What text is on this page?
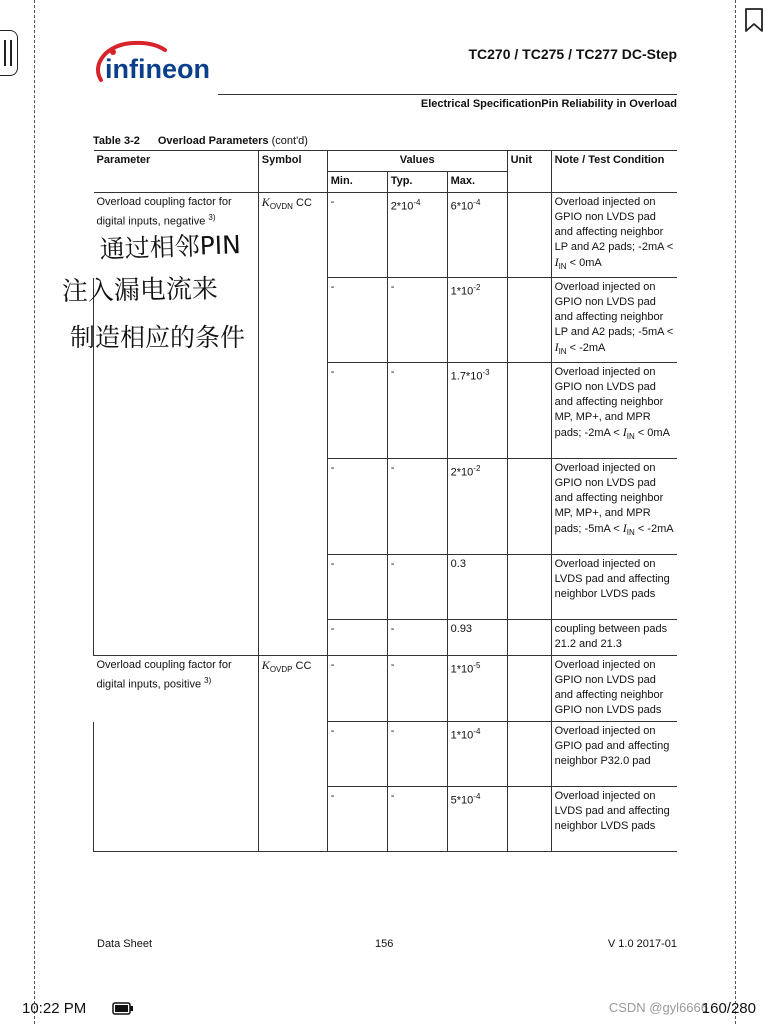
infineon	TC270 / TC275 / TC277 DC-Step
Electrical SpecificationPin Reliability in Overload
Table 3-2 Overload Parameters (cont'd)
Parameter	Symbol	Values			Unit	Note / Test Condition
		Min.	Typ.	Max.		
Overload coupling factor for digital inputs, negative $^{3)}$	$K_{OVDN}$ CC	-	$2*10^{-4}$	$6*10^{-4}$		Overload injected on GPIO non LVDS pad and affecting neighbor LP and A2 pads; $-2mA < I_{IN} < 0mA$
		-	-	$1*10^{-2}$		Overload injected on GPIO non LVDS pad and affecting neighbor LP and A2 pads; $-5mA < I_{IN} < -2mA$
		-	-	$1.7*10^{-3}$		Overload injected on GPIO non LVDS pad and affecting neighbor MP, MP+, and MPR pads; $-2mA < I_{IN} < 0mA$
		-	-	$2*10^{-2}$		Overload injected on GPIO non LVDS pad and affecting neighbor MP, MP+, and MPR pads; $-5mA < I_{IN} < -2mA$
		-	-	0.3		Overload injected on LVDS pad and affecting neighbor LVDS pads
		-	-	0.93		coupling between pads 21.2 and 21.3
Overload coupling factor for digital inputs, positive $^{3)}$	$K_{OVDP}$ CC	-	-	$1*10^{-5}$		Overload injected on GPIO non LVDS pad and affecting neighbor GPIO non LVDS pads
		-	-	$1*10^{-4}$		Overload injected on GPIO pad and affecting neighbor P32.0 pad
		-	-	$5*10^{-4}$		Overload injected on LVDS pad and affecting neighbor LVDS pads
通过相邻PIN
注入漏电流来
制造相应的条件
Data Sheet	156	V 1.0 2017-01
10:22 PM	CSDN @gyl6666
160/280
